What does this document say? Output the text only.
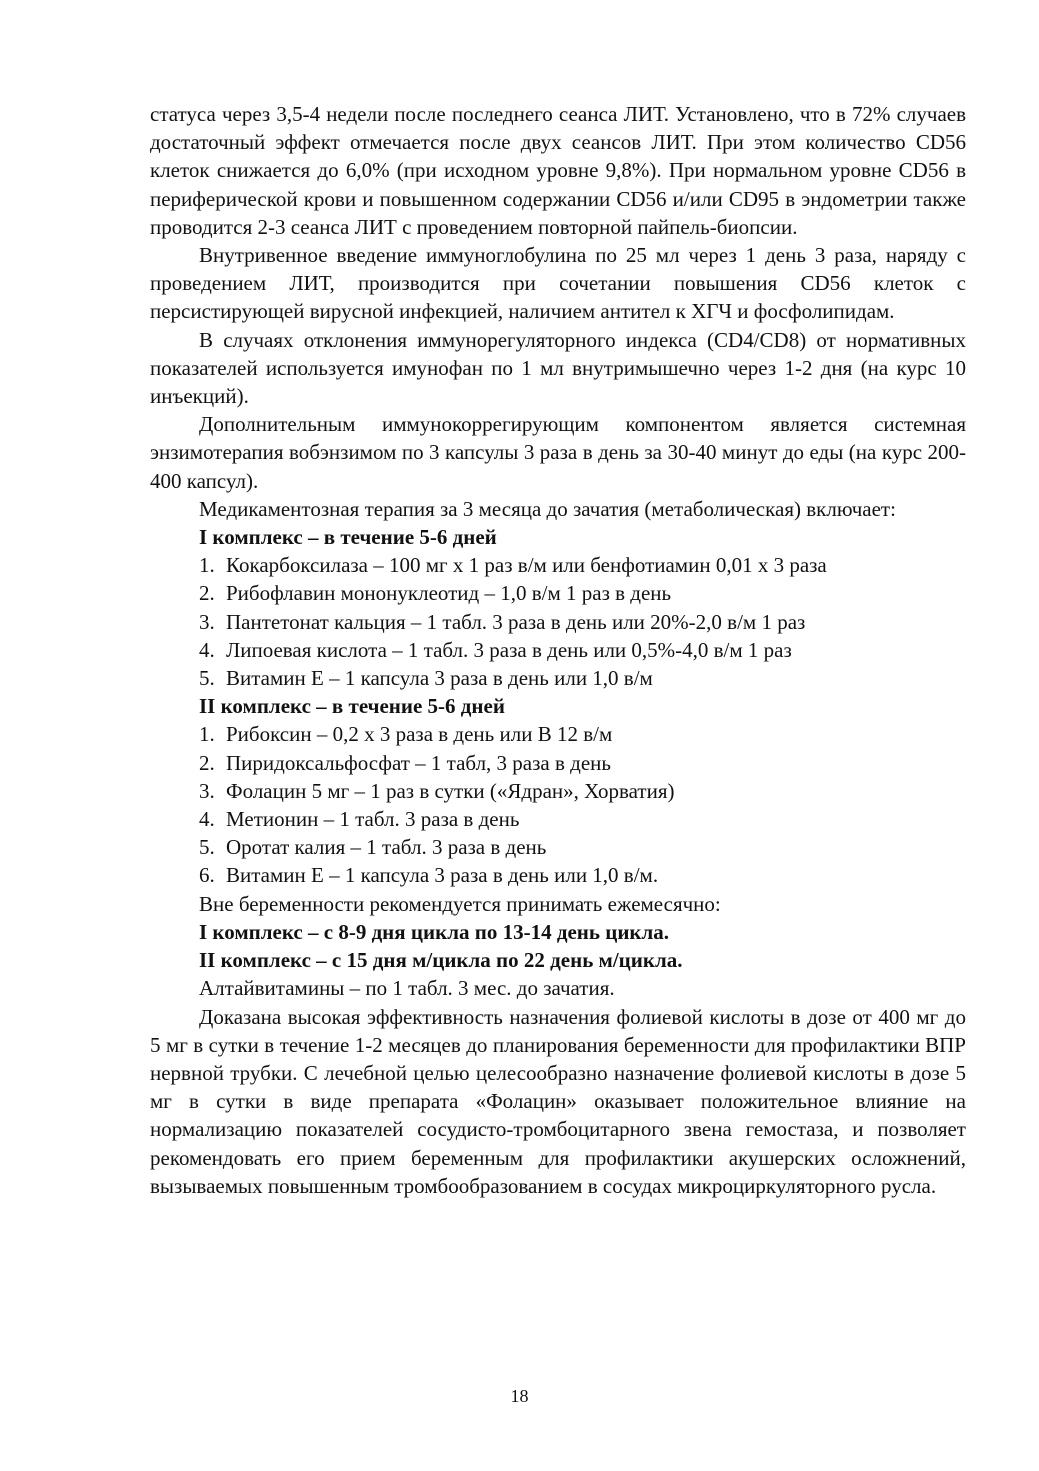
статуса через 3,5-4 недели после последнего сеанса ЛИТ. Установлено, что в 72% случаев достаточный эффект отмечается после двух сеансов ЛИТ. При этом количество CD56 клеток снижается до 6,0% (при исходном уровне 9,8%). При нормальном уровне CD56 в периферической крови и повышенном содержании CD56 и/или CD95 в эндометрии также проводится 2-3 сеанса ЛИТ с проведением повторной пайпель-биопсии.

Внутривенное введение иммуноглобулина по 25 мл через 1 день 3 раза, наряду с проведением ЛИТ, производится при сочетании повышения CD56 клеток с персистирующей вирусной инфекцией, наличием антител к ХГЧ и фосфолипидам.

В случаях отклонения иммунорегуляторного индекса (CD4/CD8) от нормативных показателей используется имунофан по 1 мл внутримышечно через 1-2 дня (на курс 10 инъекций).

Дополнительным иммунокоррегирующим компонентом является системная энзимотерапия вобэнзимом по 3 капсулы 3 раза в день за 30-40 минут до еды (на курс 200-400 капсул).

Медикаментозная терапия за 3 месяца до зачатия (метаболическая) включает:

I комплекс – в течение 5-6 дней

1. Кокарбоксилаза – 100 мг х 1 раз в/м или бенфотиамин 0,01 х 3 раза
2. Рибофлавин мононуклеотид – 1,0 в/м 1 раз в день
3. Пантетонат кальция – 1 табл. 3 раза в день или 20%-2,0 в/м 1 раз
4. Липоевая кислота – 1 табл. 3 раза в день или 0,5%-4,0 в/м 1 раз
5. Витамин Е – 1 капсула 3 раза в день или 1,0 в/м

II комплекс – в течение 5-6 дней

1. Рибоксин – 0,2 х 3 раза в день или В 12 в/м
2. Пиридоксальфосфат – 1 табл, 3 раза в день
3. Фолацин 5 мг – 1 раз в сутки («Ядран», Хорватия)
4. Метионин – 1 табл. 3 раза в день
5. Оротат калия – 1 табл. 3 раза в день
6. Витамин Е – 1 капсула 3 раза в день или 1,0 в/м.

Вне беременности рекомендуется принимать ежемесячно:

I комплекс – с 8-9 дня цикла по 13-14 день цикла.

II комплекс – с 15 дня м/цикла по 22 день м/цикла.

Алтайвитамины – по 1 табл. 3 мес. до зачатия.

Доказана высокая эффективность назначения фолиевой кислоты в дозе от 400 мг до 5 мг в сутки в течение 1-2 месяцев до планирования беременности для профилактики ВПР нервной трубки. С лечебной целью целесообразно назначение фолиевой кислоты в дозе 5 мг в сутки в виде препарата «Фолацин» оказывает положительное влияние на нормализацию показателей сосудисто-тромбоцитарного звена гемостаза, и позволяет рекомендовать его прием беременным для профилактики акушерских осложнений, вызываемых повышенным тромбообразованием в сосудах микроциркуляторного русла.

18
